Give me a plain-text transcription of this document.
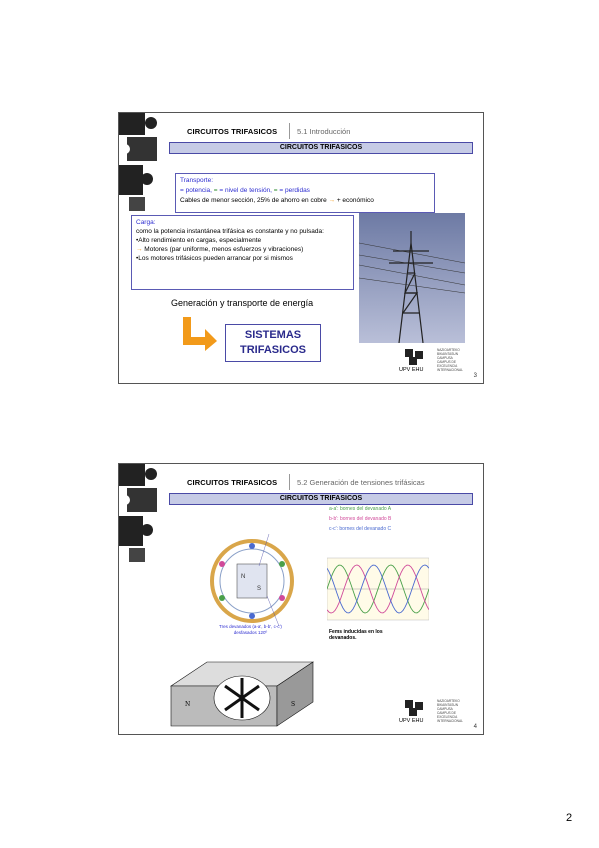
CIRCUITOS TRIFASICOS	5.1 Introducción
CIRCUITOS TRIFASICOS
Transporte:
= potencia, = = nivel de tensión, = = perdidas
Cables de menor sección, 25% de ahorro en cobre → + económico
Carga:
como la potencia instantánea trifásica es constante y no pulsada:
•Alto rendimiento en cargas, especialmente
→ Motores (par uniforme, menos esfuerzos y vibraciones)
•Los motores trifásicos pueden arrancar por si mismos
Generación y transporte de energía
SISTEMAS
TRIFASICOS
UPV EHU
NAZIOARTEKO
BIKAINTASUN
CAMPUSA
CAMPUS DE
EXCELENCIA
INTERNACIONAL
3
CIRCUITOS TRIFASICOS	5.2 Generación de tensiones trifásicas
CIRCUITOS TRIFASICOS
N
S
Tres devanados (a-a', b-b', c-c')
desfasados 120º
a-a': bornes del devanado A
b-b': bornes del devanado B
c-c': bornes del devanado C
Fems inducidas en los
devanados.
N	S
UPV EHU
NAZIOARTEKO
BIKAINTASUN
CAMPUSA
CAMPUS DE
EXCELENCIA
INTERNACIONAL
4
2
